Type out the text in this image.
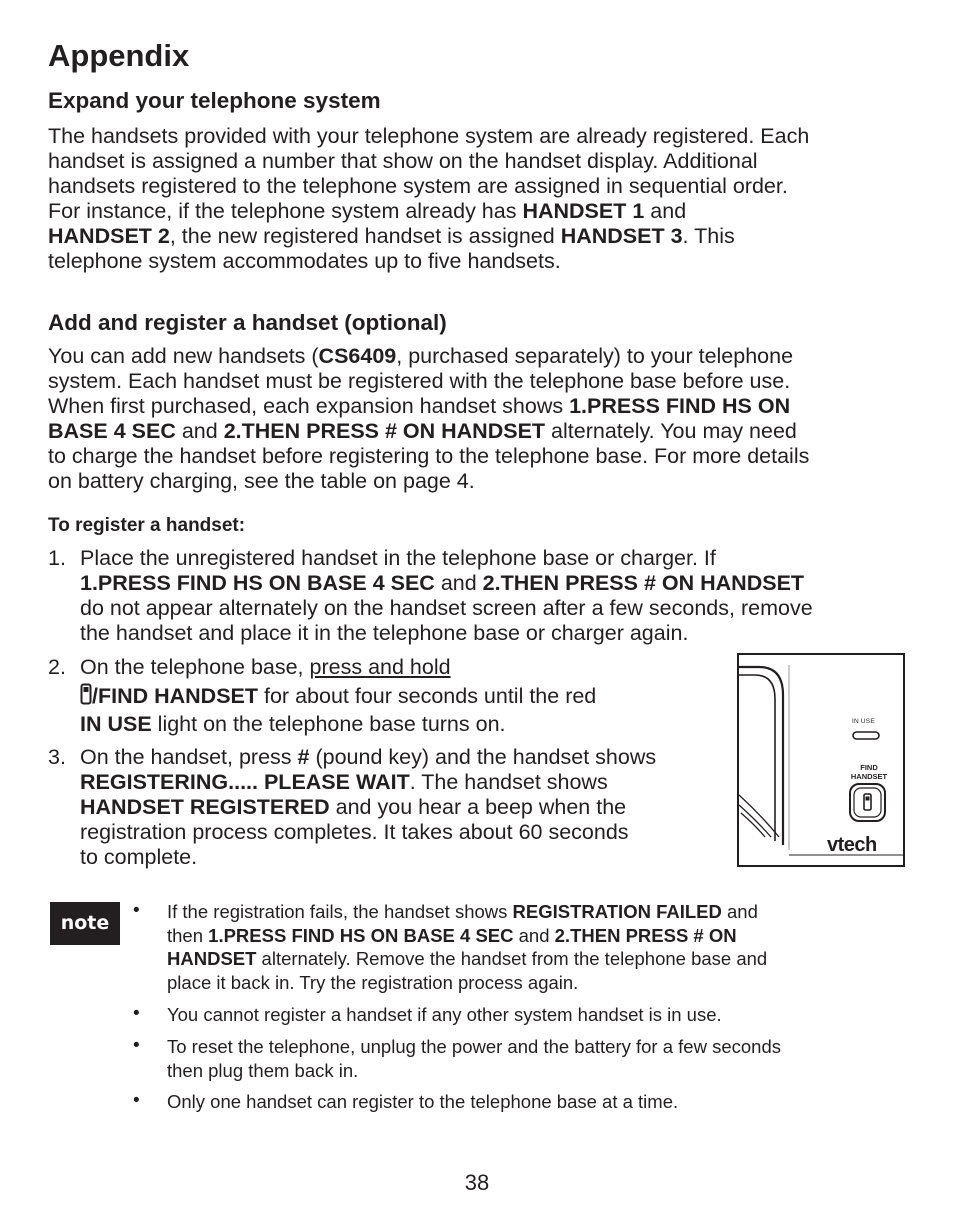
Appendix
Expand your telephone system
The handsets provided with your telephone system are already registered. Each
handset is assigned a number that show on the handset display. Additional
handsets registered to the telephone system are assigned in sequential order.
For instance, if the telephone system already has HANDSET 1 and
HANDSET 2, the new registered handset is assigned HANDSET 3. This
telephone system accommodates up to five handsets.
Add and register a handset (optional)
You can add new handsets (CS6409, purchased separately) to your telephone
system. Each handset must be registered with the telephone base before use.
When first purchased, each expansion handset shows 1.PRESS FIND HS ON
BASE 4 SEC and 2.THEN PRESS # ON HANDSET alternately. You may need
to charge the handset before registering to the telephone base. For more details
on battery charging, see the table on page 4.
To register a handset:
1. Place the unregistered handset in the telephone base or charger. If
1.PRESS FIND HS ON BASE 4 SEC and 2.THEN PRESS # ON HANDSET
do not appear alternately on the handset screen after a few seconds, remove
the handset and place it in the telephone base or charger again.
2. On the telephone base, press and hold
/FIND HANDSET for about four seconds until the red
IN USE light on the telephone base turns on.
3. On the handset, press # (pound key) and the handset shows
REGISTERING..... PLEASE WAIT. The handset shows
HANDSET REGISTERED and you hear a beep when the
registration process completes. It takes about 60 seconds
to complete.
IN USE
FIND
HANDSET
vtech
note
• If the registration fails, the handset shows REGISTRATION FAILED and
then 1.PRESS FIND HS ON BASE 4 SEC and 2.THEN PRESS # ON
HANDSET alternately. Remove the handset from the telephone base and
place it back in. Try the registration process again.
• You cannot register a handset if any other system handset is in use.
• To reset the telephone, unplug the power and the battery for a few seconds
then plug them back in.
• Only one handset can register to the telephone base at a time.
38
